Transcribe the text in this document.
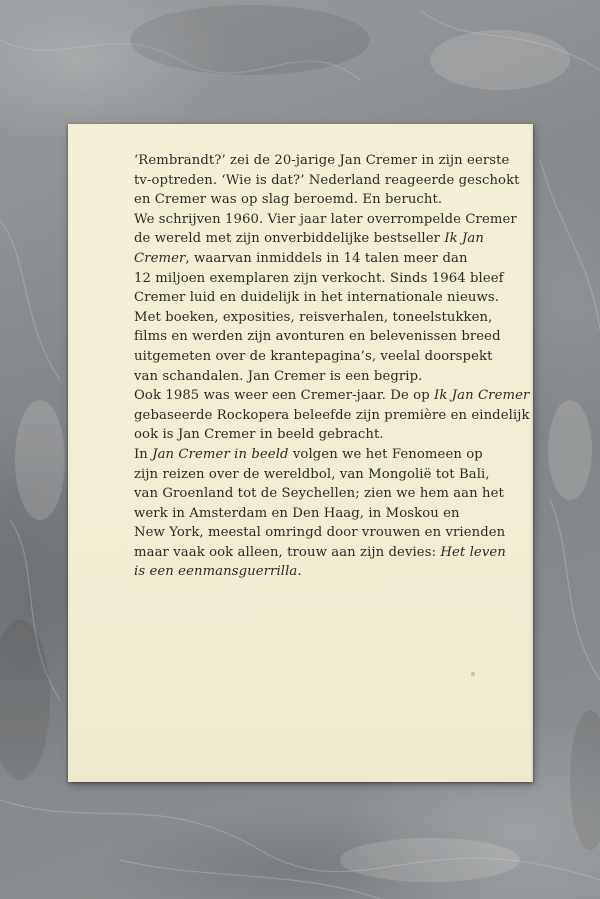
‘Rembrandt?’ zei de 20-jarige Jan Cremer in zijn eerste
tv-optreden. ‘Wie is dat?’ Nederland reageerde geschokt
en Cremer was op slag beroemd. En berucht.
We schrijven 1960. Vier jaar later overrompelde Cremer
de wereld met zijn onverbiddelijke bestseller Ik Jan
Cremer, waarvan inmiddels in 14 talen meer dan
12 miljoen exemplaren zijn verkocht. Sinds 1964 bleef
Cremer luid en duidelijk in het internationale nieuws.
Met boeken, exposities, reisverhalen, toneelstukken,
films en werden zijn avonturen en belevenissen breed
uitgemeten over de krantepagina’s, veelal doorspekt
van schandalen. Jan Cremer is een begrip.
Ook 1985 was weer een Cremer-jaar. De op Ik Jan Cremer
gebaseerde Rockopera beleefde zijn première en eindelijk
ook is Jan Cremer in beeld gebracht.
In Jan Cremer in beeld volgen we het Fenomeen op
zijn reizen over de wereldbol, van Mongolië tot Bali,
van Groenland tot de Seychellen; zien we hem aan het
werk in Amsterdam en Den Haag, in Moskou en
New York, meestal omringd door vrouwen en vrienden
maar vaak ook alleen, trouw aan zijn devies: Het leven
is een eenmansguerrilla.
